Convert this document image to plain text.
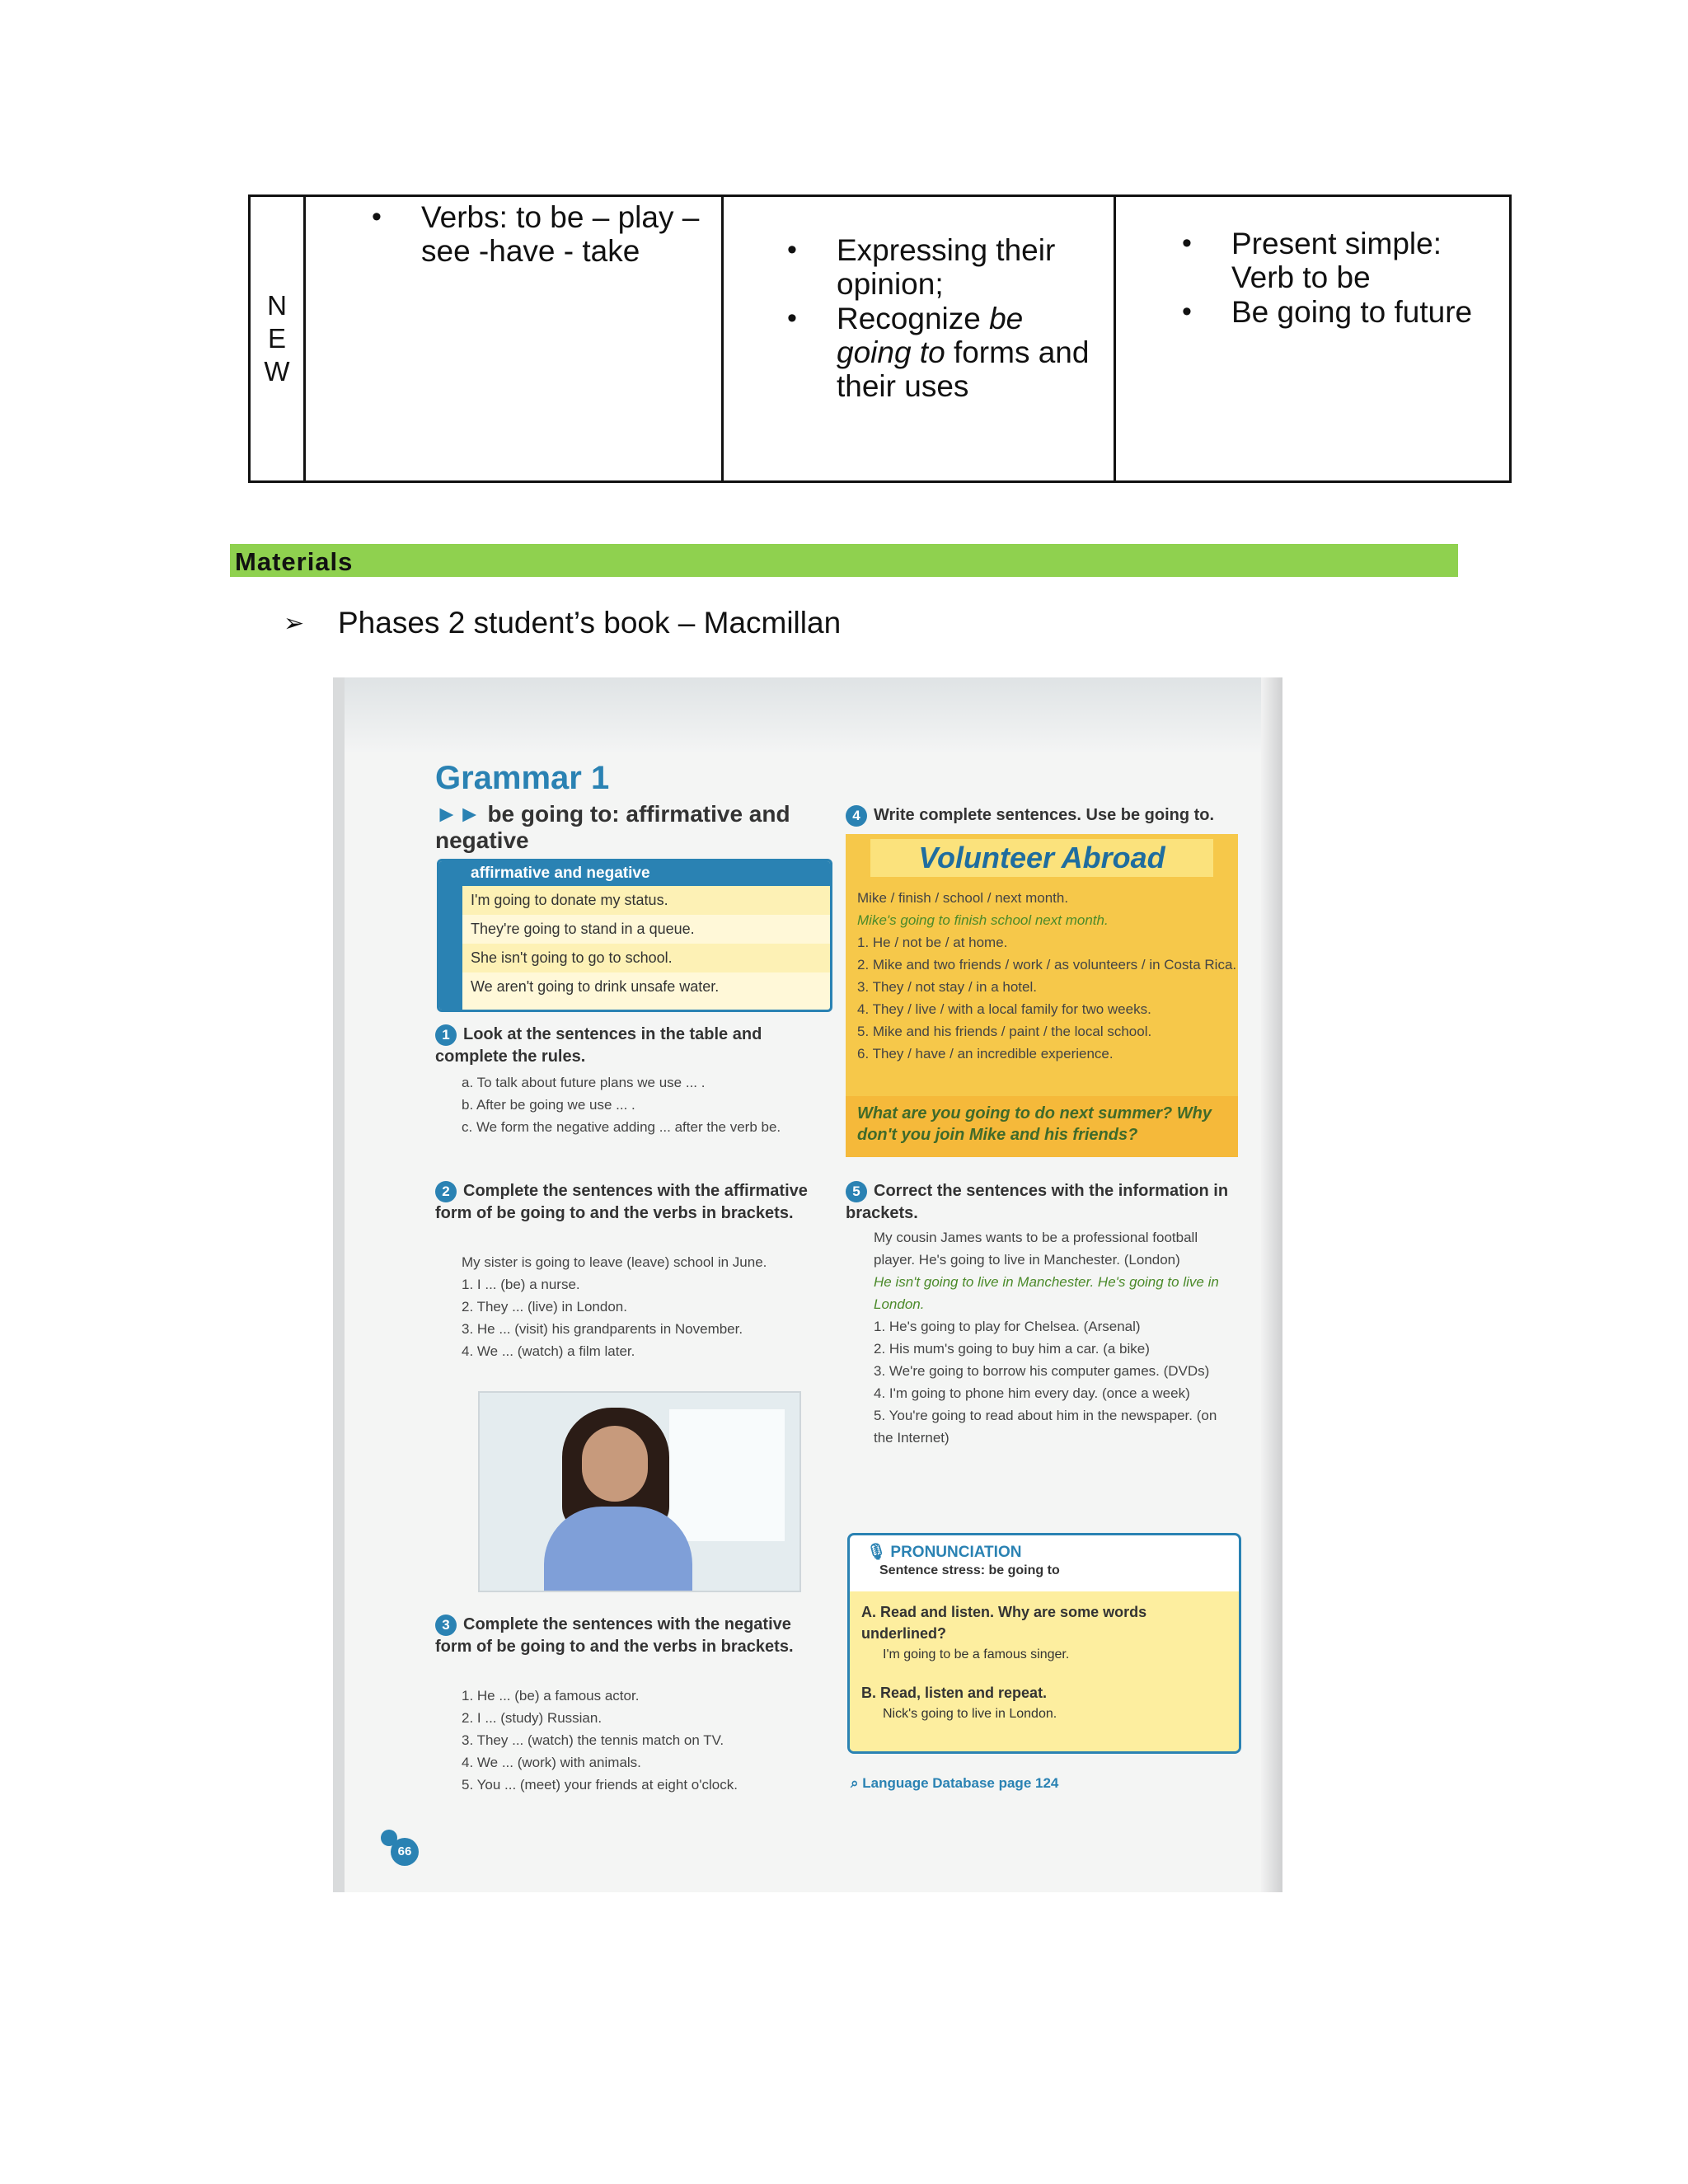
N
E
W

• Verbs: to be – play – see -have - take

•Expressing their opinion;
• Recognize be going to forms and their uses

• Present simple: Verb to be
• Be going to future
Materials
➢ Phases 2 student’s book – Macmillan
Grammar 1
►► be going to: affirmative and negative
affirmative and negative
I'm going to donate my status.
They're going to stand in a queue.
She isn't going to go to school.
We aren't going to drink unsafe water.
1 Look at the sentences in the table and complete the rules.
a. To talk about future plans we use ... .
b. After be going we use ... .
c. We form the negative adding ... after the verb be.
2 Complete the sentences with the affirmative form of be going to and the verbs in brackets.
My sister is going to leave (leave) school in June.
1. I ... (be) a nurse.
2. They ... (live) in London.
3. He ... (visit) his grandparents in November.
4. We ... (watch) a film later.
3 Complete the sentences with the negative form of be going to and the verbs in brackets.
1. He ... (be) a famous actor.
2. I ... (study) Russian.
3. They ... (watch) the tennis match on TV.
4. We ... (work) with animals.
5. You ... (meet) your friends at eight o'clock.
4 Write complete sentences. Use be going to.
Volunteer Abroad
Mike / finish / school / next month.
Mike's going to finish school next month.
1. He / not be / at home.
2. Mike and two friends / work / as volunteers / in Costa Rica.
3. They / not stay / in a hotel.
4. They / live / with a local family for two weeks.
5. Mike and his friends / paint / the local school.
6. They / have / an incredible experience.
What are you going to do next summer? Why don't you join Mike and his friends?
5 Correct the sentences with the information in brackets.
My cousin James wants to be a professional football player. He's going to live in Manchester. (London)
He isn't going to live in Manchester. He's going to live in London.
1. He's going to play for Chelsea. (Arsenal)
2. His mum's going to buy him a car. (a bike)
3. We're going to borrow his computer games. (DVDs)
4. I'm going to phone him every day. (once a week)
5. You're going to read about him in the newspaper. (on the Internet)
🎙 PRONUNCIATION
Sentence stress: be going to
A. Read and listen. Why are some words underlined?
I'm going to be a famous singer.
B. Read, listen and repeat.
Nick's going to live in London.
⌕ Language Database page 124
66
